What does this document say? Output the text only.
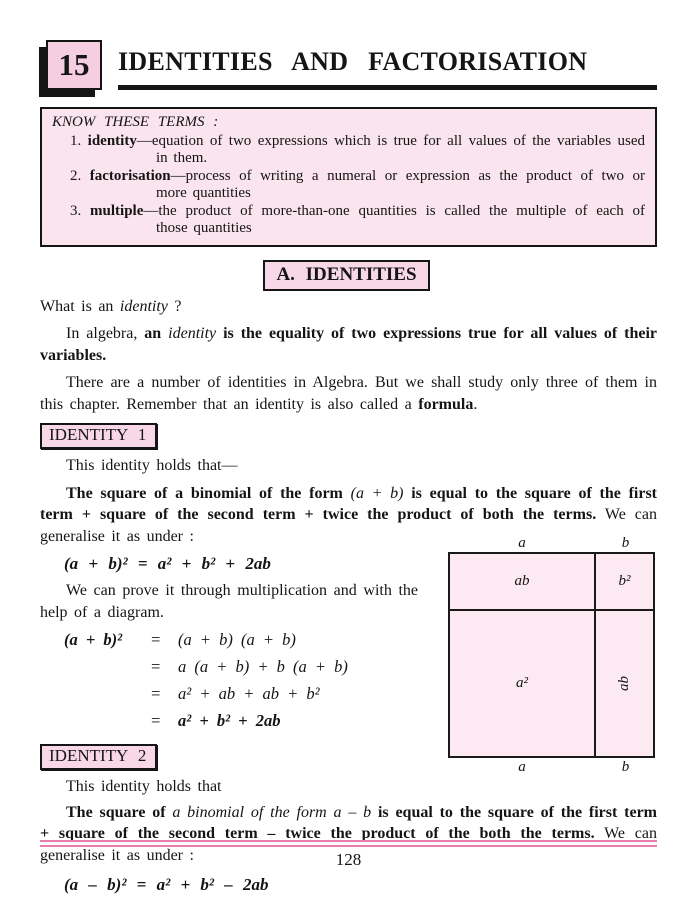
15 IDENTITIES AND FACTORISATION
KNOW THESE TERMS :
1. identity—equation of two expressions which is true for all values of the variables used in them.
2. factorisation—process of writing a numeral or expression as the product of two or more quantities
3. multiple—the product of more-than-one quantities is called the multiple of each of those quantities
A. IDENTITIES

What is an identity ?

In algebra, an identity is the equality of two expressions true for all values of their variables.

There are a number of identities in Algebra. But we shall study only three of them in this chapter. Remember that an identity is also called a formula.

IDENTITY 1

This identity holds that—

The square of a binomial of the form (a + b) is equal to the square of the first term + square of the second term + twice the product of both the terms. We can generalise it as under :

(a + b)² = a² + b² + 2ab

We can prove it through multiplication and with the help of a diagram.

(a + b)²	=	(a + b) (a + b)
=	a (a + b) + b (a + b)
=	a² + ab + ab + b²
=	a² + b² + 2ab
IDENTITY 2

This identity holds that

a	b
ab	b²
a²	ab
a	b

The square of a binomial of the form a – b is equal to the square of the first term + square of the second term – twice the product of the both the terms. We can generalise it as under :

(a – b)² = a² + b² – 2ab
128
